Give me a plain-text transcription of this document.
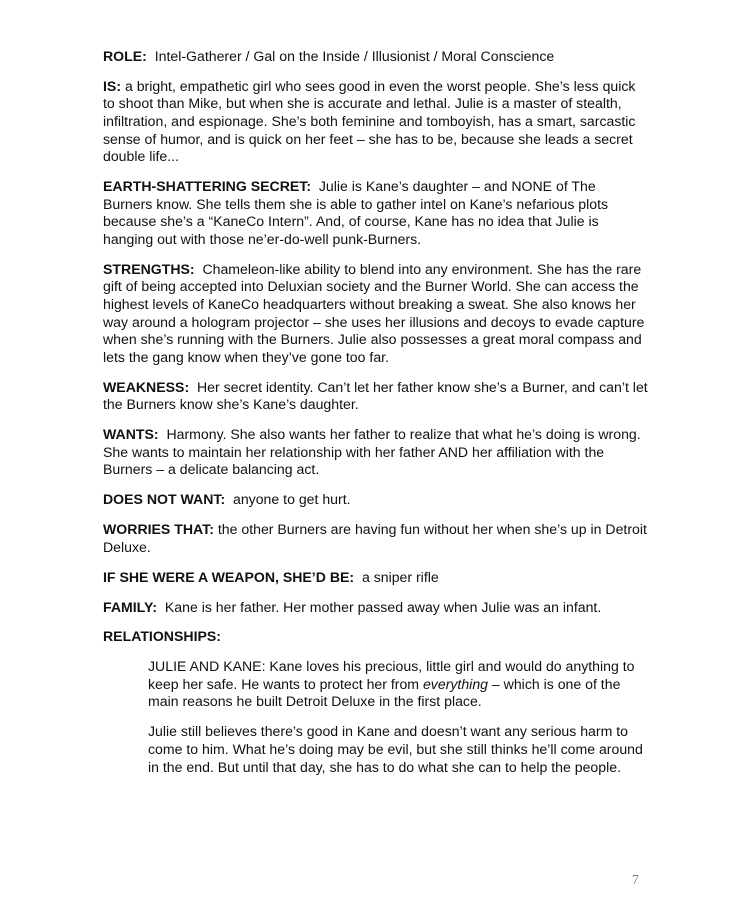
ROLE: Intel-Gatherer / Gal on the Inside / Illusionist / Moral Conscience

IS: a bright, empathetic girl who sees good in even the worst people. She’s less quick to shoot than Mike, but when she is accurate and lethal. Julie is a master of stealth, infiltration, and espionage. She’s both feminine and tomboyish, has a smart, sarcastic sense of humor, and is quick on her feet – she has to be, because she leads a secret double life...

EARTH-SHATTERING SECRET: Julie is Kane’s daughter – and NONE of The Burners know. She tells them she is able to gather intel on Kane’s nefarious plots because she’s a “KaneCo Intern”. And, of course, Kane has no idea that Julie is hanging out with those ne’er-do-well punk-Burners.

STRENGTHS: Chameleon-like ability to blend into any environment. She has the rare gift of being accepted into Deluxian society and the Burner World. She can access the highest levels of KaneCo headquarters without breaking a sweat. She also knows her way around a hologram projector – she uses her illusions and decoys to evade capture when she’s running with the Burners. Julie also possesses a great moral compass and lets the gang know when they’ve gone too far.

WEAKNESS: Her secret identity. Can’t let her father know she’s a Burner, and can’t let the Burners know she’s Kane’s daughter.

WANTS: Harmony. She also wants her father to realize that what he’s doing is wrong. She wants to maintain her relationship with her father AND her affiliation with the Burners – a delicate balancing act.

DOES NOT WANT: anyone to get hurt.

WORRIES THAT: the other Burners are having fun without her when she’s up in Detroit Deluxe.

IF SHE WERE A WEAPON, SHE’D BE: a sniper rifle

FAMILY: Kane is her father. Her mother passed away when Julie was an infant.

RELATIONSHIPS:

JULIE AND KANE: Kane loves his precious, little girl and would do anything to keep her safe. He wants to protect her from everything – which is one of the main reasons he built Detroit Deluxe in the first place.

Julie still believes there’s good in Kane and doesn’t want any serious harm to come to him. What he’s doing may be evil, but she still thinks he’ll come around in the end. But until that day, she has to do what she can to help the people.

7
